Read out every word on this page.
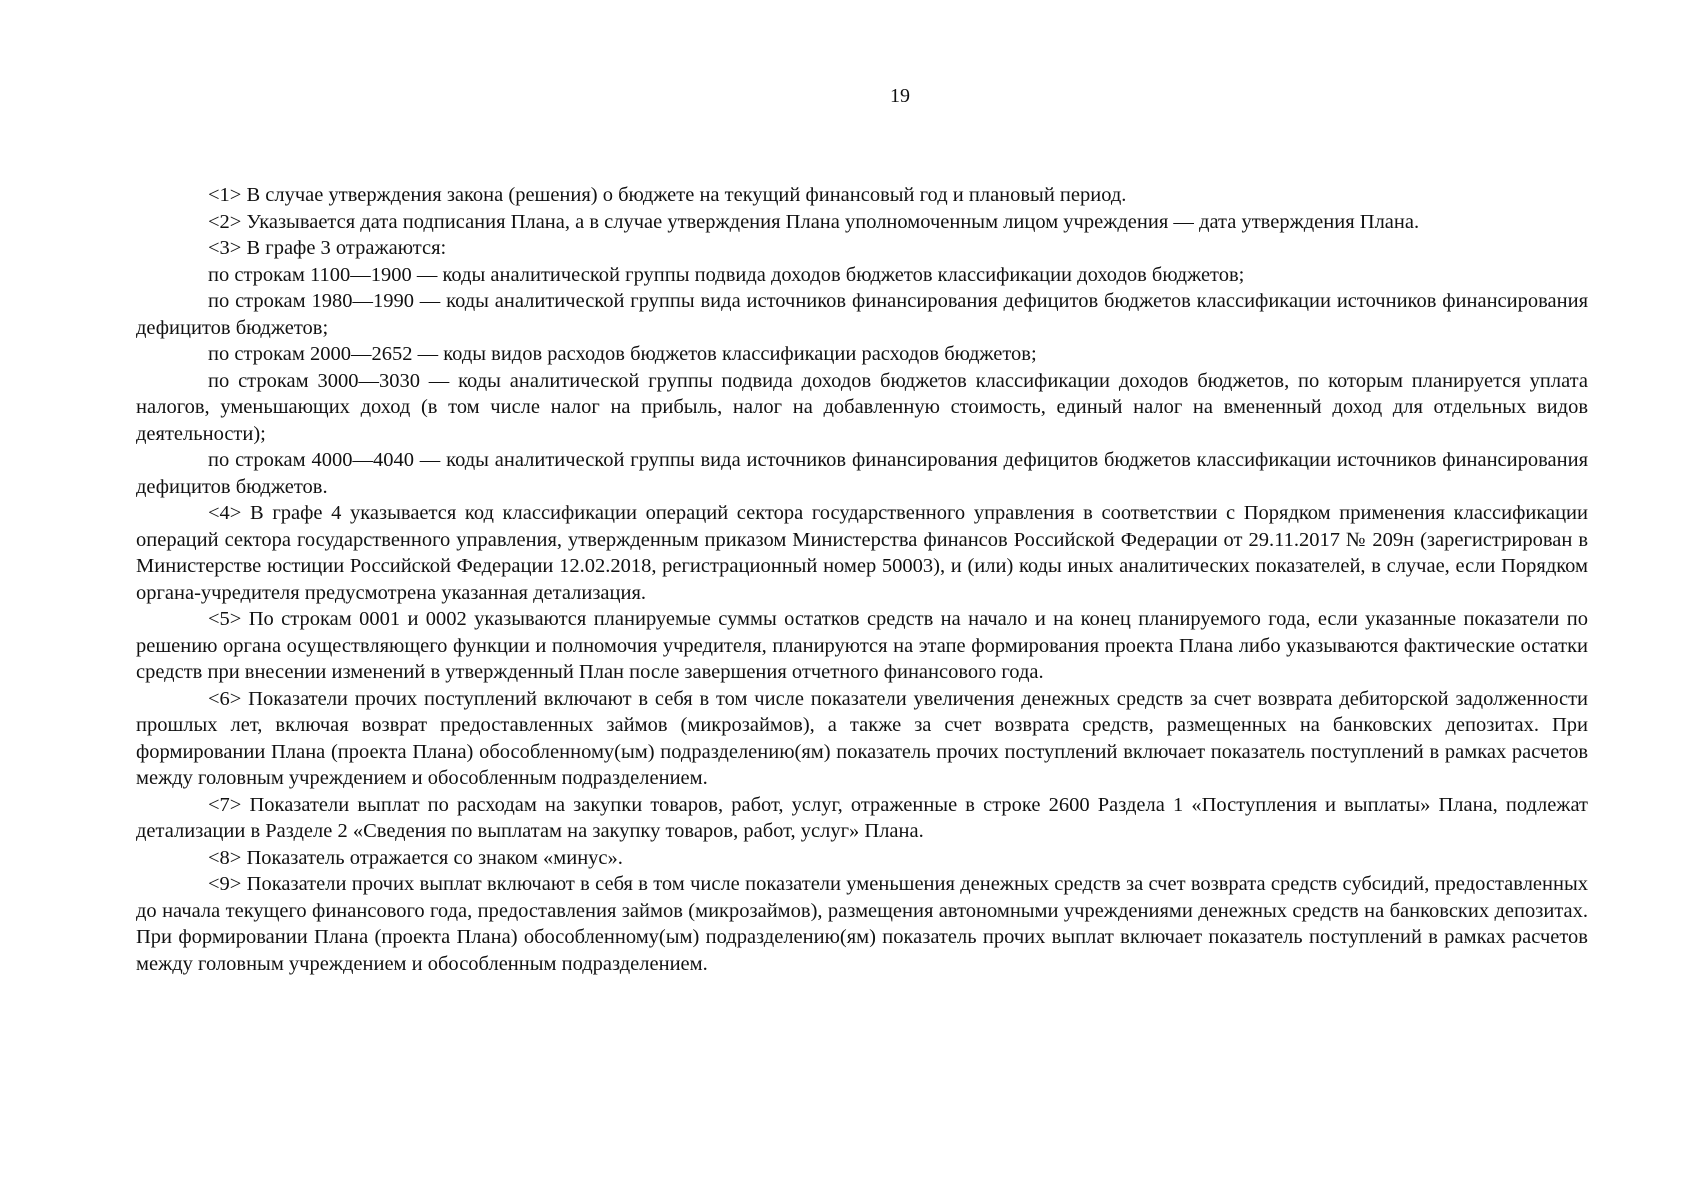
19

<1> В случае утверждения закона (решения) о бюджете на текущий финансовый год и плановый период.

<2> Указывается дата подписания Плана, а в случае утверждения Плана уполномоченным лицом учреждения — дата утверждения Плана.

<3> В графе 3 отражаются:

по строкам 1100—1900 — коды аналитической группы подвида доходов бюджетов классификации доходов бюджетов;

по строкам 1980—1990 — коды аналитической группы вида источников финансирования дефицитов бюджетов классификации источников финансирования дефицитов бюджетов;

по строкам 2000—2652 — коды видов расходов бюджетов классификации расходов бюджетов;

по строкам 3000—3030 — коды аналитической группы подвида доходов бюджетов классификации доходов бюджетов, по которым планируется уплата налогов, уменьшающих доход (в том числе налог на прибыль, налог на добавленную стоимость, единый налог на вмененный доход для отдельных видов деятельности);

по строкам 4000—4040 — коды аналитической группы вида источников финансирования дефицитов бюджетов классификации источников финансирования дефицитов бюджетов.

<4> В графе 4 указывается код классификации операций сектора государственного управления в соответствии с Порядком применения классификации операций сектора государственного управления, утвержденным приказом Министерства финансов Российской Федерации от 29.11.2017 № 209н (зарегистрирован в Министерстве юстиции Российской Федерации 12.02.2018, регистрационный номер 50003), и (или) коды иных аналитических показателей, в случае, если Порядком органа-учредителя предусмотрена указанная детализация.

<5> По строкам 0001 и 0002 указываются планируемые суммы остатков средств на начало и на конец планируемого года, если указанные показатели по решению органа осуществляющего функции и полномочия учредителя, планируются на этапе формирования проекта Плана либо указываются фактические остатки средств при внесении изменений в утвержденный План после завершения отчетного финансового года.

<6> Показатели прочих поступлений включают в себя в том числе показатели увеличения денежных средств за счет возврата дебиторской задолженности прошлых лет, включая возврат предоставленных займов (микрозаймов), а также за счет возврата средств, размещенных на банковских депозитах. При формировании Плана (проекта Плана) обособленному(ым) подразделению(ям) показатель прочих поступлений включает показатель поступлений в рамках расчетов между головным учреждением и обособленным подразделением.

<7> Показатели выплат по расходам на закупки товаров, работ, услуг, отраженные в строке 2600 Раздела 1 «Поступления и выплаты» Плана, подлежат детализации в Разделе 2 «Сведения по выплатам на закупку товаров, работ, услуг» Плана.

<8> Показатель отражается со знаком «минус».

<9> Показатели прочих выплат включают в себя в том числе показатели уменьшения денежных средств за счет возврата средств субсидий, предоставленных до начала текущего финансового года, предоставления займов (микрозаймов), размещения автономными учреждениями денежных средств на банковских депозитах. При формировании Плана (проекта Плана) обособленному(ым) подразделению(ям) показатель прочих выплат включает показатель поступлений в рамках расчетов между головным учреждением и обособленным подразделением.
